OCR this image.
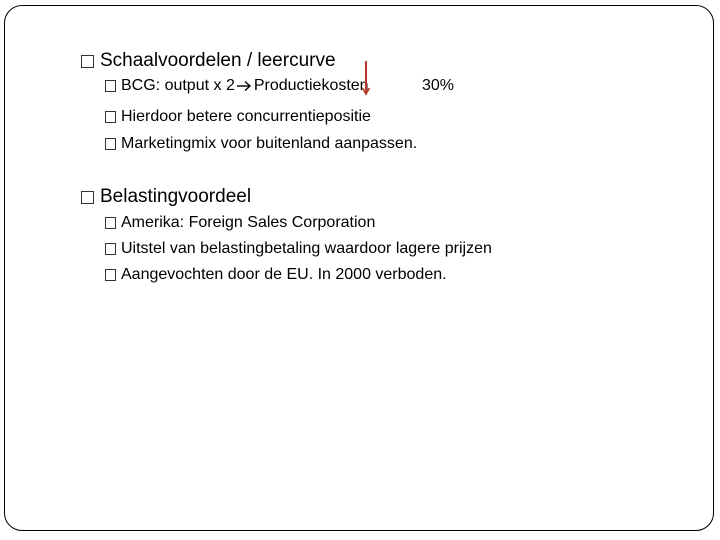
Schaalvoordelen / leercurve
BCG: output x 2 Productiekosten	30%
Hierdoor betere concurrentiepositie
Marketingmix voor buitenland aanpassen.
Belastingvoordeel
Amerika: Foreign Sales Corporation
Uitstel van belastingbetaling waardoor lagere prijzen
Aangevochten door de EU. In 2000 verboden.
